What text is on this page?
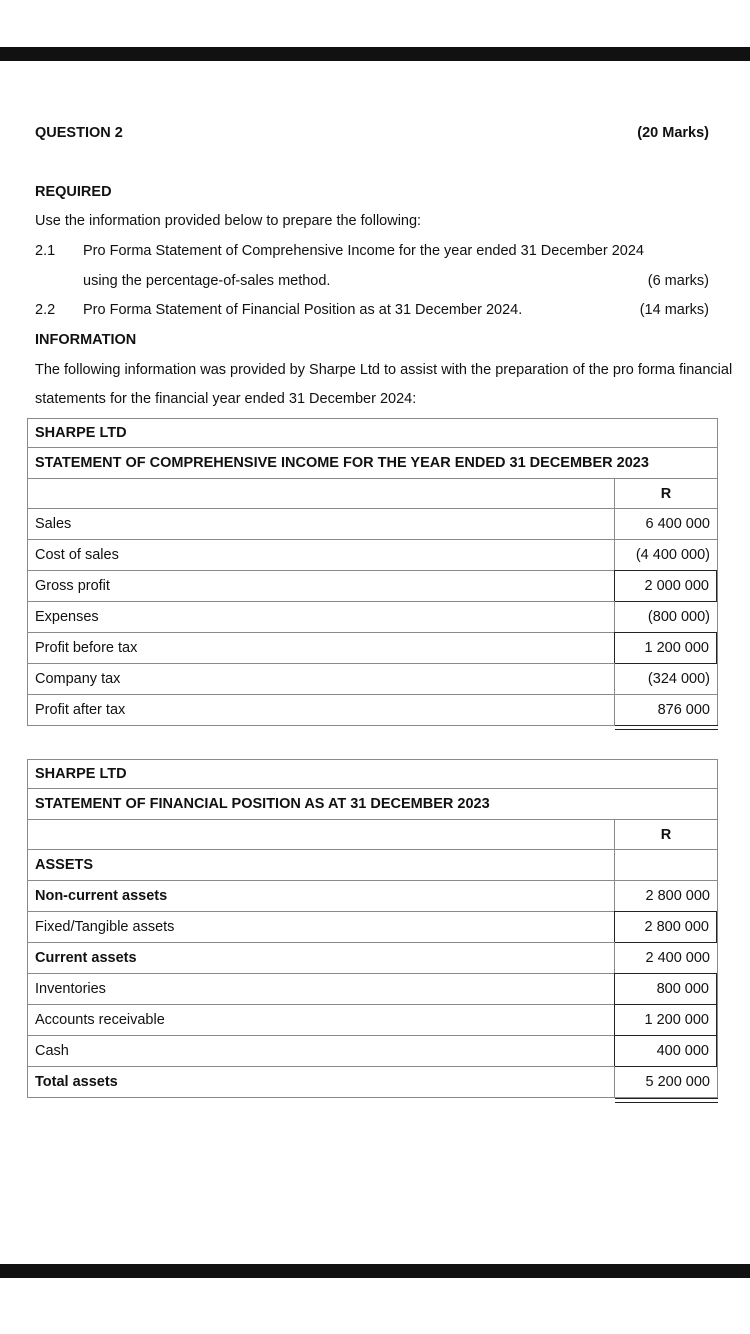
QUESTION 2	(20 Marks)
REQUIRED
Use the information provided below to prepare the following:
2.1 Pro Forma Statement of Comprehensive Income for the year ended 31 December 2024
using the percentage-of-sales method.	(6 marks)
2.2 Pro Forma Statement of Financial Position as at 31 December 2024.	(14 marks)
INFORMATION
The following information was provided by Sharpe Ltd to assist with the preparation of the pro forma financial
statements for the financial year ended 31 December 2024:
SHARPE LTD
STATEMENT OF COMPREHENSIVE INCOME FOR THE YEAR ENDED 31 DECEMBER 2023
R
Sales	6 400 000
Cost of sales	(4 400 000)
Gross profit	2 000 000
Expenses	(800 000)
Profit before tax	1 200 000
Company tax	(324 000)
Profit after tax	876 000
SHARPE LTD
STATEMENT OF FINANCIAL POSITION AS AT 31 DECEMBER 2023
R
ASSETS
Non-current assets	2 800 000
Fixed/Tangible assets	2 800 000
Current assets	2 400 000
Inventories	800 000
Accounts receivable	1 200 000
Cash	400 000
Total assets	5 200 000
